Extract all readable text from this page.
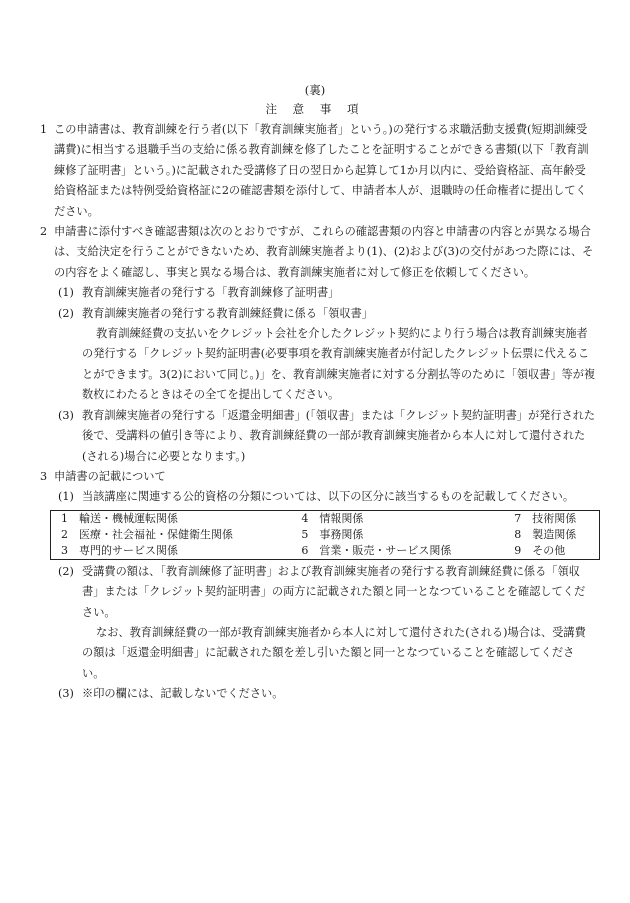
(裏)
注 意 事 項
1 この申請書は、教育訓練を行う者(以下「教育訓練実施者」という。)の発行する求職活動支援費(短期訓練受講費)に相当する退職手当の支給に係る教育訓練を修了したことを証明することができる書類(以下「教育訓練修了証明書」という。)に記載された受講修了日の翌日から起算して1か月以内に、受給資格証、高年齢受給資格証または特例受給資格証に2の確認書類を添付して、申請者本人が、退職時の任命権者に提出してください。
2 申請書に添付すべき確認書類は次のとおりですが、これらの確認書類の内容と申請書の内容とが異なる場合は、支給決定を行うことができないため、教育訓練実施者より(1)、(2)および(3)の交付があつた際には、その内容をよく確認し、事実と異なる場合は、教育訓練実施者に対して修正を依頼してください。
(1) 教育訓練実施者の発行する「教育訓練修了証明書」
(2) 教育訓練実施者の発行する教育訓練経費に係る「領収書」
教育訓練経費の支払いをクレジット会社を介したクレジット契約により行う場合は教育訓練実施者の発行する「クレジット契約証明書(必要事項を教育訓練実施者が付記したクレジット伝票に代えることができます。3(2)において同じ。)」を、教育訓練実施者に対する分割払等のために「領収書」等が複数枚にわたるときはその全てを提出してください。
(3) 教育訓練実施者の発行する「返還金明細書」(「領収書」または「クレジット契約証明書」が発行された後で、受講料の値引き等により、教育訓練経費の一部が教育訓練実施者から本人に対して還付された(される)場合に必要となります。)
3 申請書の記載について
(1) 当該講座に関連する公的資格の分類については、以下の区分に該当するものを記載してください。
1　輸送・機械運転関係	4　情報関係	7　技術関係
2　医療・社会福祉・保健衛生関係	5　事務関係	8　製造関係
3　専門的サービス関係	6　営業・販売・サービス関係	9　その他
(2) 受講費の額は、「教育訓練修了証明書」および教育訓練実施者の発行する教育訓練経費に係る「領収書」または「クレジット契約証明書」の両方に記載された額と同一となつていることを確認してください。
なお、教育訓練経費の一部が教育訓練実施者から本人に対して還付された(される)場合は、受講費の額は「返還金明細書」に記載された額を差し引いた額と同一となつていることを確認してください。
(3) ※印の欄には、記載しないでください。
